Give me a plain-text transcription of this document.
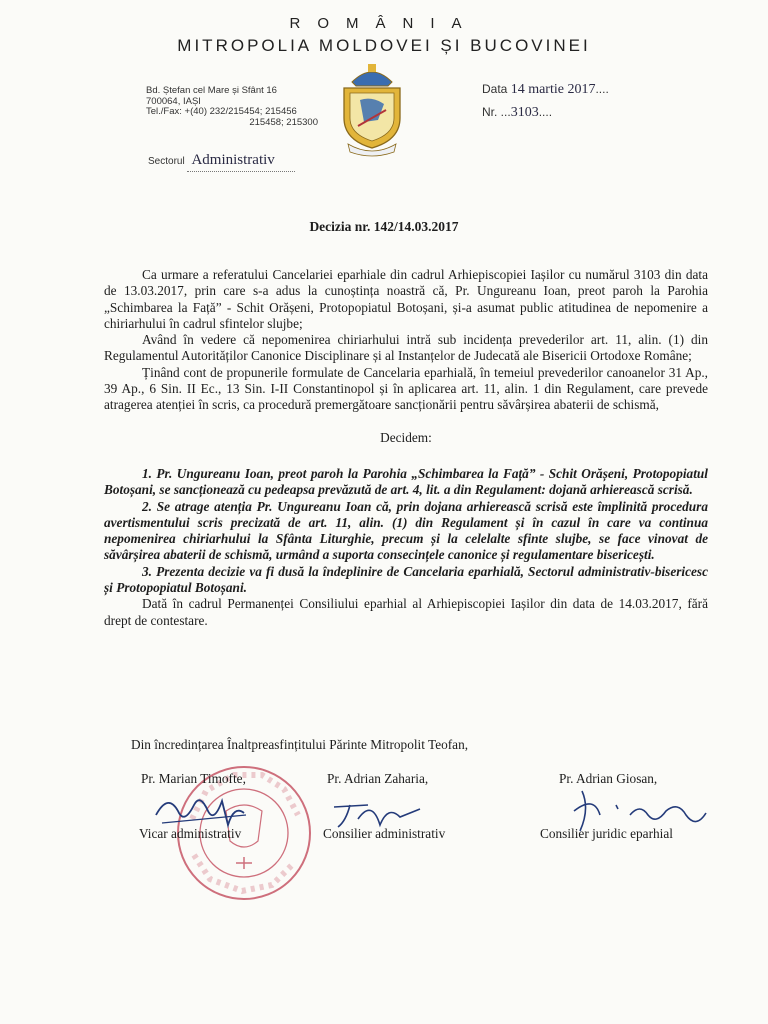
ROMÂNIA
MITROPOLIA MOLDOVEI ȘI BUCOVINEI
Bd. Ștefan cel Mare și Sfânt 16
700064, IAȘI
Tel./Fax: +(40) 232/215454; 215456
215458; 215300
Data 14 martie 2017....
Nr. ...3103....
Sectorul Administrativ
Decizia nr. 142/14.03.2017

Ca urmare a referatului Cancelariei eparhiale din cadrul Arhiepiscopiei Iașilor cu numărul 3103 din data de 13.03.2017, prin care s-a adus la cunoștința noastră că, Pr. Ungureanu Ioan, preot paroh la Parohia „Schimbarea la Față” - Schit Orășeni, Protopopiatul Botoșani, și-a asumat public atitudinea de nepomenire a chiriarhului în cadrul sfintelor slujbe;

Având în vedere că nepomenirea chiriarhului intră sub incidența prevederilor art. 11, alin. (1) din Regulamentul Autorităților Canonice Disciplinare și al Instanțelor de Judecată ale Bisericii Ortodoxe Române;

Ținând cont de propunerile formulate de Cancelaria eparhială, în temeiul prevederilor canoanelor 31 Ap., 39 Ap., 6 Sin. II Ec., 13 Sin. I-II Constantinopol și în aplicarea art. 11, alin. 1 din Regulament, care prevede atragerea atenției în scris, ca procedură premergătoare sancționării pentru săvârșirea abaterii de schismă,

Decidem:

1. Pr. Ungureanu Ioan, preot paroh la Parohia „Schimbarea la Față” - Schit Orășeni, Protopopiatul Botoșani, se sancționează cu pedeapsa prevăzută de art. 4, lit. a din Regulament: dojană arhierească scrisă.

2. Se atrage atenția Pr. Ungureanu Ioan că, prin dojana arhierească scrisă este împlinită procedura avertismentului scris precizată de art. 11, alin. (1) din Regulament și în cazul în care va continua nepomenirea chiriarhului la Sfânta Liturghie, precum și la celelalte sfinte slujbe, se face vinovat de săvârșirea abaterii de schismă, urmând a suporta consecințele canonice și regulamentare bisericești.

3. Prezenta decizie va fi dusă la îndeplinire de Cancelaria eparhială, Sectorul administrativ-bisericesc și Protopopiatul Botoșani.

Dată în cadrul Permanenței Consiliului eparhial al Arhiepiscopiei Iașilor din data de 14.03.2017, fără drept de contestare.

Din încredințarea Înaltpreasfințitului Părinte Mitropolit Teofan,
Pr. Marian Timofte,	Pr. Adrian Zaharia,	Pr. Adrian Giosan,
Vicar administrativ	Consilier administrativ	Consilier juridic eparhial
